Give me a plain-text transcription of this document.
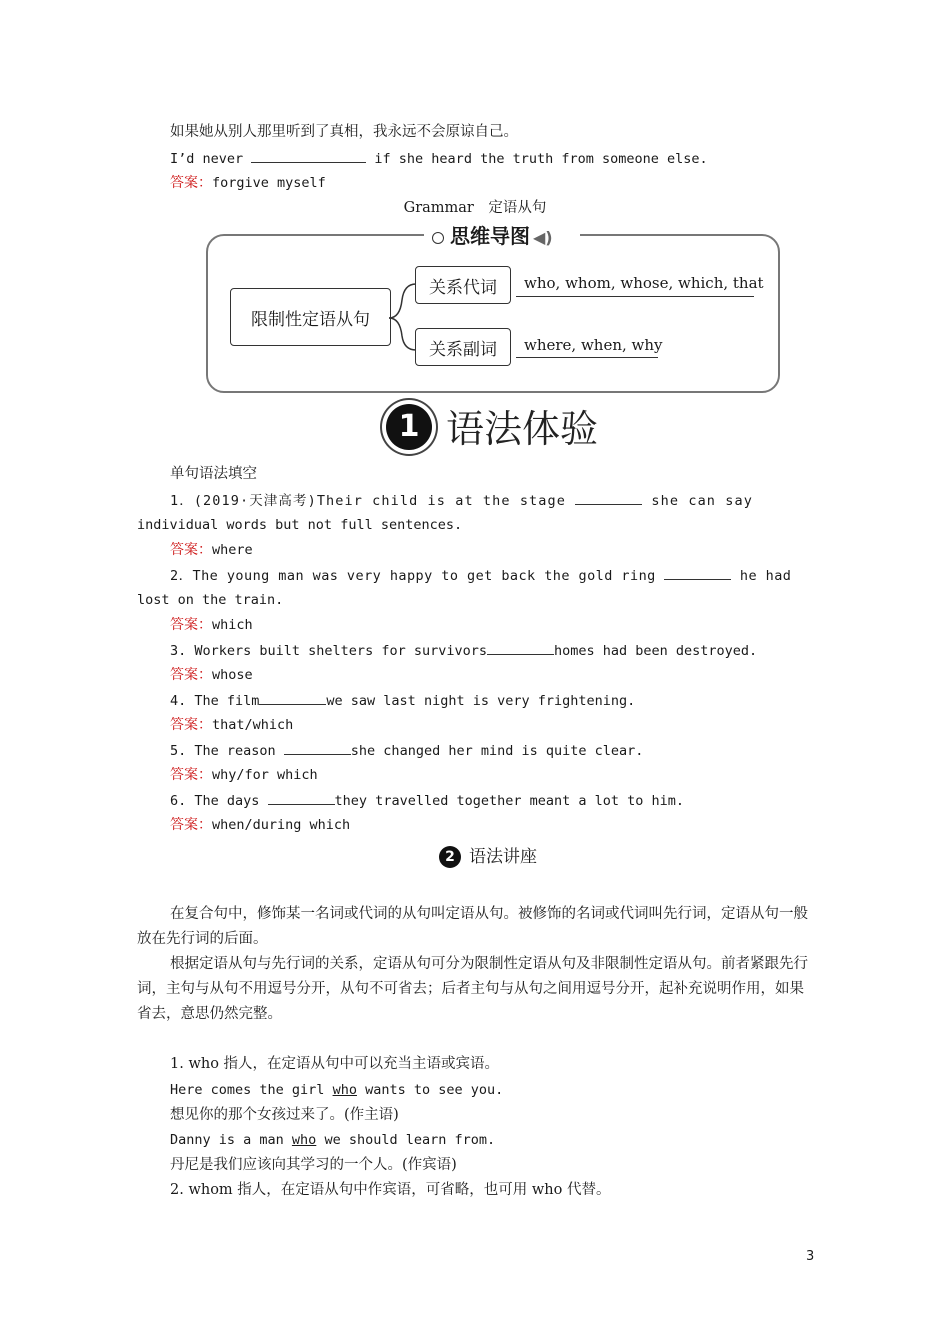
如果她从别人那里听到了真相，我永远不会原谅自己。
I’d never	if she heard the truth from someone else.
答案：forgive myself
Grammar　定语从句
思维导图 ◀)
限制性定语从句
关系代词
关系副词
who, whom, whose, which, that
where, when, why
1 语法体验
单句语法填空
1．(2019·天津高考)Their child is at the stage	she can say
individual words but not full sentences.
答案：where
2．The young man was very happy to get back the gold ring	he had
lost on the train.
答案：which
3. Workers built shelters for survivors	homes had been destroyed.
答案：whose
4. The film	we saw last night is very frightening.
答案：that/which
5. The reason	she changed her mind is quite clear.
答案：why/for which
6. The days	they travelled together meant a lot to him.
答案：when/during which
2 语法讲座
在复合句中，修饰某一名词或代词的从句叫定语从句。被修饰的名词或代词叫先行词，定语从句一般放在先行词的后面。
根据定语从句与先行词的关系，定语从句可分为限制性定语从句及非限制性定语从句。前者紧跟先行词，主句与从句不用逗号分开，从句不可省去；后者主句与从句之间用逗号分开，起补充说明作用，如果省去，意思仍然完整。
1. who 指人，在定语从句中可以充当主语或宾语。
Here comes the girl who wants to see you.
想见你的那个女孩过来了。(作主语)
Danny is a man who we should learn from.
丹尼是我们应该向其学习的一个人。(作宾语)
2. whom 指人，在定语从句中作宾语，可省略，也可用 who 代替。
3
